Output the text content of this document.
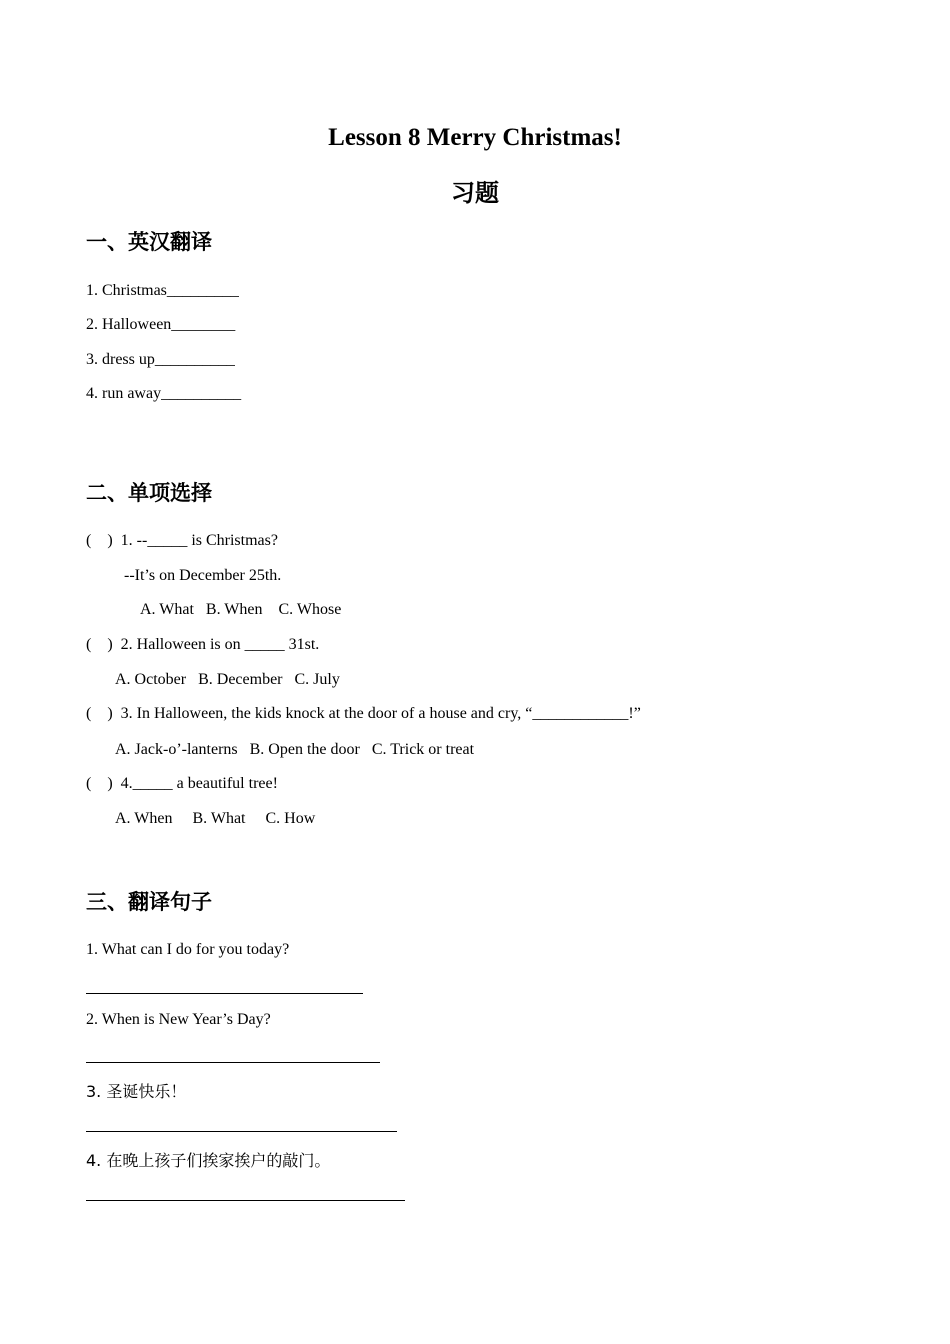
Lesson 8 Merry Christmas!
习题
一、英汉翻译
1. Christmas_________
2. Halloween________
3. dress up__________
4. run away__________
二、单项选择
(    )  1. --_____ is Christmas?
--It’s on December 25th.
A. What   B. When    C. Whose
(    )  2. Halloween is on _____ 31st.
A. October   B. December   C. July
(    )  3. In Halloween, the kids knock at the door of a house and cry, “____________!”
A. Jack-o’-lanterns   B. Open the door   C. Trick or treat
(    )  4._____ a beautiful tree!
A. When     B. What     C. How
三、翻译句子
1. What can I do for you today?
2. When is New Year’s Day?
3. 圣诞快乐！
4. 在晚上孩子们挨家挨户的敲门。
